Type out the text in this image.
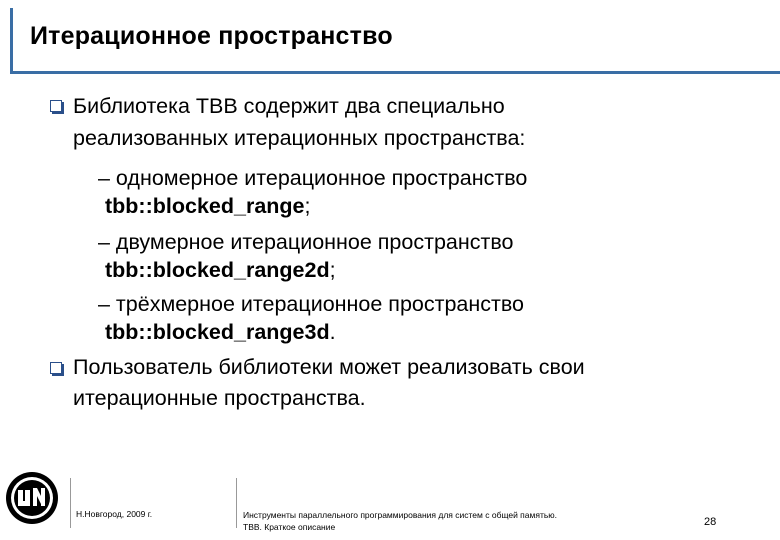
Итерационное пространство
Библиотека TBB содержит два специально
реализованных итерационных пространства:
– одномерное итерационное пространство
tbb::blocked_range;
– двумерное итерационное пространство
tbb::blocked_range2d;
– трёхмерное итерационное пространство
tbb::blocked_range3d.
Пользователь библиотеки может реализовать свои
итерационные пространства.
UNN
Н.Новгород, 2009 г.	Инструменты параллельного программирования для систем с общей памятью.
TBB. Краткое описание	28
